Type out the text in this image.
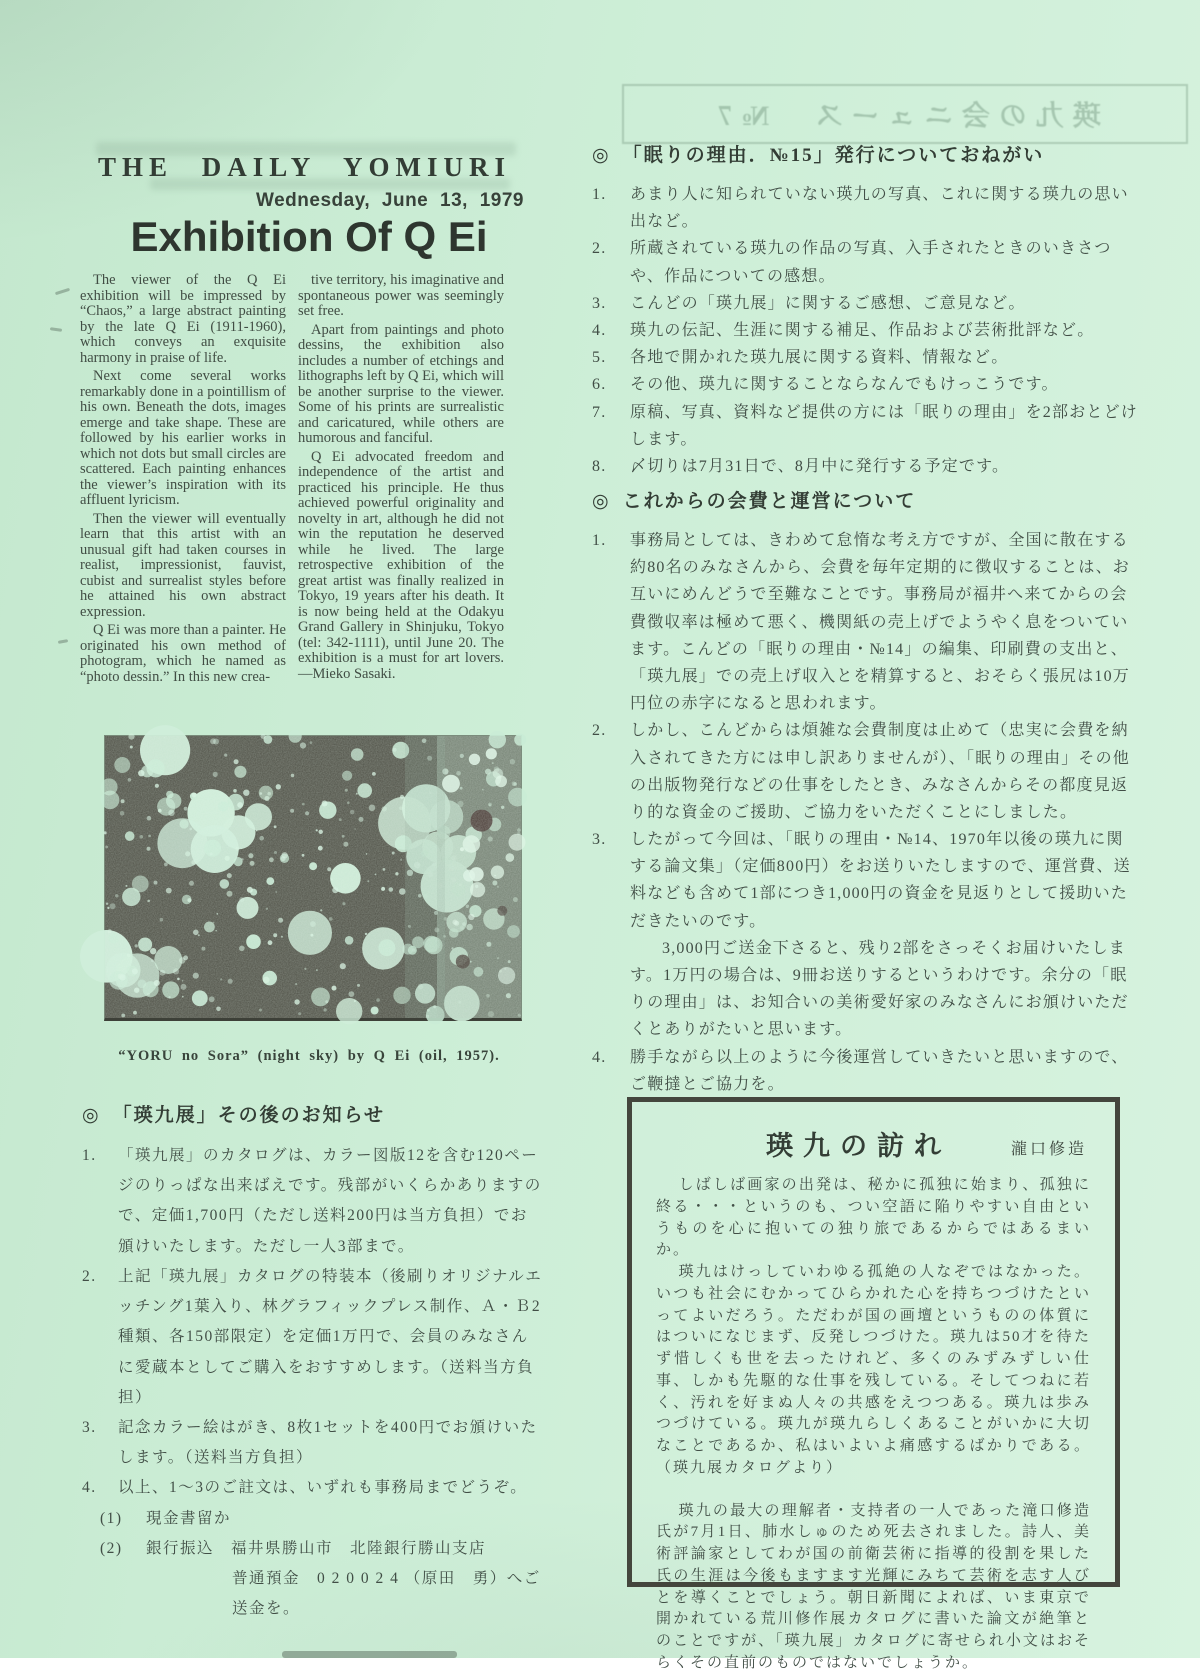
瑛九の会ニュース　№7
THE DAILY YOMIURI
Wednesday, June 13, 1979
Exhibition Of Q Ei

The viewer of the Q Ei exhibition will be impressed by “Chaos,” a large abstract painting by the late Q Ei (1911-1960), which conveys an exquisite harmony in praise of life.

Next come several works remarkably done in a pointillism of his own. Beneath the dots, images emerge and take shape. These are followed by his earlier works in which not dots but small circles are scattered. Each painting enhances the viewer’s inspiration with its affluent lyricism.

Then the viewer will eventually learn that this artist with an unusual gift had taken courses in realist, impressionist, fauvist, cubist and surrealist styles before he attained his own abstract expression.

Q Ei was more than a painter. He originated his own method of photogram, which he named as “photo dessin.” In this new crea-

tive territory, his imaginative and spontaneous power was seemingly set free.

Apart from paintings and photo dessins, the exhibition also includes a number of etchings and lithographs left by Q Ei, which will be another surprise to the viewer. Some of his prints are surrealistic and caricatured, while others are humorous and fanciful.

Q Ei advocated freedom and independence of the artist and practiced his principle. He thus achieved powerful originality and novelty in art, although he did not win the reputation he deserved while he lived. The large retrospective exhibition of the great artist was finally realized in Tokyo, 19 years after his death. It is now being held at the Odakyu Grand Gallery in Shinjuku, Tokyo (tel: 342-1111), until June 20. The exhibition is a must for art lovers.—Mieko Sasaki.

“YORU no Sora” (night sky) by Q Ei (oil, 1957).
◎ 「瑛九展」その後のお知らせ
1.	「瑛九展」のカタログは、カラー図版12を含む120ページのりっぱな出来ばえです。残部がいくらかありますので、定価1,700円（ただし送料200円は当方負担）でお頒けいたします。ただし一人3部まで。
2.	上記「瑛九展」カタログの特装本（後刷りオリジナルエッチング1葉入り、林グラフィックプレス制作、Ａ・Ｂ2種類、各150部限定）を定価1万円で、会員のみなさんに愛蔵本としてご購入をおすすめします。（送料当方負担）
3.	記念カラー絵はがき、8枚1セットを400円でお頒けいたします。（送料当方負担）
4.	以上、1～3のご註文は、いずれも事務局までどうぞ。
(1)	現金書留か
(2)	銀行振込　福井県勝山市　北陸銀行勝山支店
普通預金　0 2 0 0 2 4 （原田　勇）へご送金を。
◎ 「眠りの理由．№15」発行についておねがい
1.	あまり人に知られていない瑛九の写真、これに関する瑛九の思い出など。
2.	所蔵されている瑛九の作品の写真、入手されたときのいきさつや、作品についての感想。
3.	こんどの「瑛九展」に関するご感想、ご意見など。
4.	瑛九の伝記、生涯に関する補足、作品および芸術批評など。
5.	各地で開かれた瑛九展に関する資料、情報など。
6.	その他、瑛九に関することならなんでもけっこうです。
7.	原稿、写真、資料など提供の方には「眠りの理由」を2部おとどけします。
8.	〆切りは7月31日で、8月中に発行する予定です。
◎ これからの会費と運営について
1.	事務局としては、きわめて怠惰な考え方ですが、全国に散在する約80名のみなさんから、会費を毎年定期的に徴収することは、お互いにめんどうで至難なことです。事務局が福井へ来てからの会費徴収率は極めて悪く、機関紙の売上げでようやく息をついています。こんどの「眠りの理由・№14」の編集、印刷費の支出と、「瑛九展」での売上げ収入とを精算すると、おそらく張尻は10万円位の赤字になると思われます。
2.	しかし、こんどからは煩雑な会費制度は止めて（忠実に会費を納入されてきた方には申し訳ありませんが）、「眠りの理由」その他の出版物発行などの仕事をしたとき、みなさんからその都度見返り的な資金のご援助、ご協力をいただくことにしました。
3.	したがって今回は、「眠りの理由・№14、1970年以後の瑛九に関する論文集」（定価800円）をお送りいたしますので、運営費、送料なども含めて1部につき1,000円の資金を見返りとして援助いただきたいのです。
3,000円ご送金下さると、残り2部をさっそくお届けいたします。1万円の場合は、9冊お送りするというわけです。余分の「眠りの理由」は、お知合いの美術愛好家のみなさんにお頒けいただくとありがたいと思います。
4.	勝手ながら以上のように今後運営していきたいと思いますので、ご鞭撻とご協力を。
瑛九の訪れ	瀧口修造

しばしば画家の出発は、秘かに孤独に始まり、孤独に終る・・・というのも、つい空語に陥りやすい自由というものを心に抱いての独り旅であるからではあるまいか。

瑛九はけっしていわゆる孤絶の人なぞではなかった。いつも社会にむかってひらかれた心を持ちつづけたといってよいだろう。ただわが国の画壇というものの体質にはついになじまず、反発しつづけた。瑛九は50才を待たず惜しくも世を去ったけれど、多くのみずみずしい仕事、しかも先駆的な仕事を残している。そしてつねに若く、汚れを好まぬ人々の共感をえつつある。瑛九は歩みつづけている。瑛九が瑛九らしくあることがいかに大切なことであるか、私はいよいよ痛感するばかりである。（瑛九展カタログより）

瑛九の最大の理解者・支持者の一人であった滝口修造氏が7月1日、肺水しゅのため死去されました。詩人、美術評論家としてわが国の前衛芸術に指導的役割を果した氏の生涯は今後もますます光輝にみちて芸術を志す人びとを導くことでしょう。朝日新聞によれば、いま東京で開かれている荒川修作展カタログに書いた論文が絶筆とのことですが、「瑛九展」カタログに寄せられ小文はおそらくその直前のものではないでしょうか。
